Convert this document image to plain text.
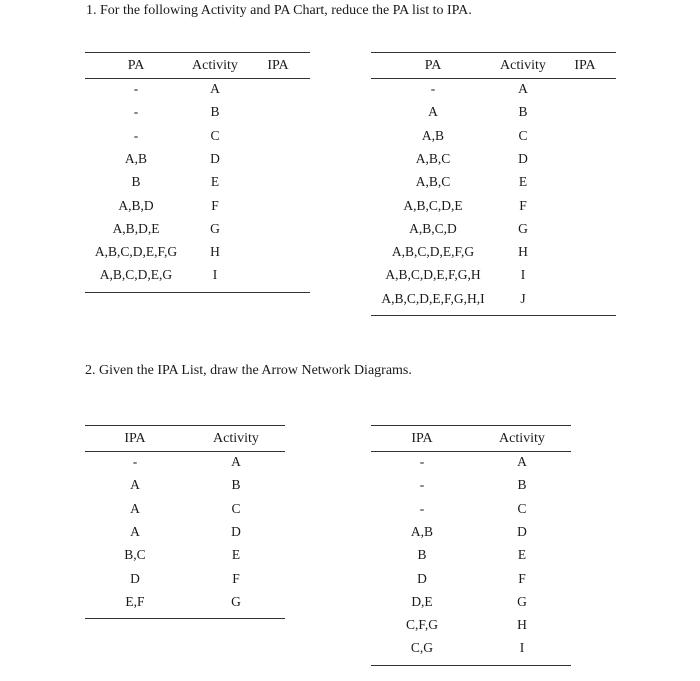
1. For the following Activity and PA Chart, reduce the PA list to IPA.
PA	Activity	IPA
-	A
-	B
-	C
A,B	D
B	E
A,B,D	F
A,B,D,E	G
A,B,C,D,E,F,G	H
A,B,C,D,E,G	I
PA	Activity	IPA
-	A
A	B
A,B	C
A,B,C	D
A,B,C	E
A,B,C,D,E	F
A,B,C,D	G
A,B,C,D,E,F,G	H
A,B,C,D,E,F,G,H	I
A,B,C,D,E,F,G,H,I	J
2. Given the IPA List, draw the Arrow Network Diagrams.
IPA	Activity
-	A
A	B
A	C
A	D
B,C	E
D	F
E,F	G
IPA	Activity
-	A
-	B
-	C
A,B	D
B	E
D	F
D,E	G
C,F,G	H
C,G	I
